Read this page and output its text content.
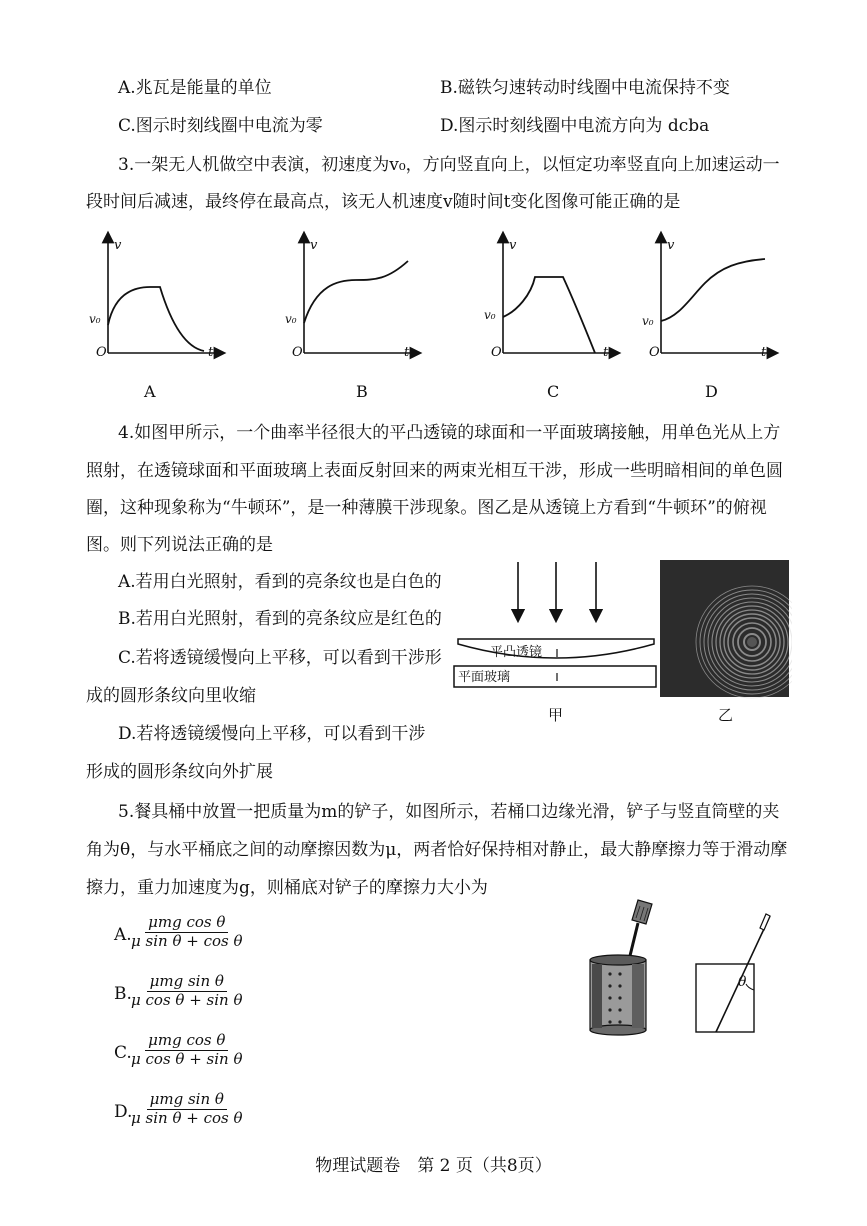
A.兆瓦是能量的单位	B.磁铁匀速转动时线圈中电流保持不变
C.图示时刻线圈中电流为零	D.图示时刻线圈中电流方向为 dcba
3.一架无人机做空中表演，初速度为v₀，方向竖直向上，以恒定功率竖直向上加速运动一
段时间后减速，最终停在最高点，该无人机速度v随时间t变化图像可能正确的是
v
v₀
O	t
A
v
v₀
O	t
B
v
v₀
O	t
C
v
v₀
O	t
D
4.如图甲所示，一个曲率半径很大的平凸透镜的球面和一平面玻璃接触，用单色光从上方
照射，在透镜球面和平面玻璃上表面反射回来的两束光相互干涉，形成一些明暗相间的单色圆
圈，这种现象称为“牛顿环”，是一种薄膜干涉现象。图乙是从透镜上方看到“牛顿环”的俯视
图。则下列说法正确的是
A.若用白光照射，看到的亮条纹也是白色的
B.若用白光照射，看到的亮条纹应是红色的
C.若将透镜缓慢向上平移，可以看到干涉形
成的圆形条纹向里收缩
D.若将透镜缓慢向上平移，可以看到干涉
形成的圆形条纹向外扩展
平凸透镜
平面玻璃
甲	乙
5.餐具桶中放置一把质量为m的铲子，如图所示，若桶口边缘光滑，铲子与竖直筒壁的夹
角为θ，与水平桶底之间的动摩擦因数为μ，两者恰好保持相对静止，最大静摩擦力等于滑动摩
擦力，重力加速度为g，则桶底对铲子的摩擦力大小为
A.
μmg cos θ
μ sin θ + cos θ
B.
μmg sin θ
μ cos θ + sin θ
C.
μmg cos θ
μ cos θ + sin θ
D.
μmg sin θ
μ sin θ + cos θ
θ
物理试题卷　第 2 页（共8页）
